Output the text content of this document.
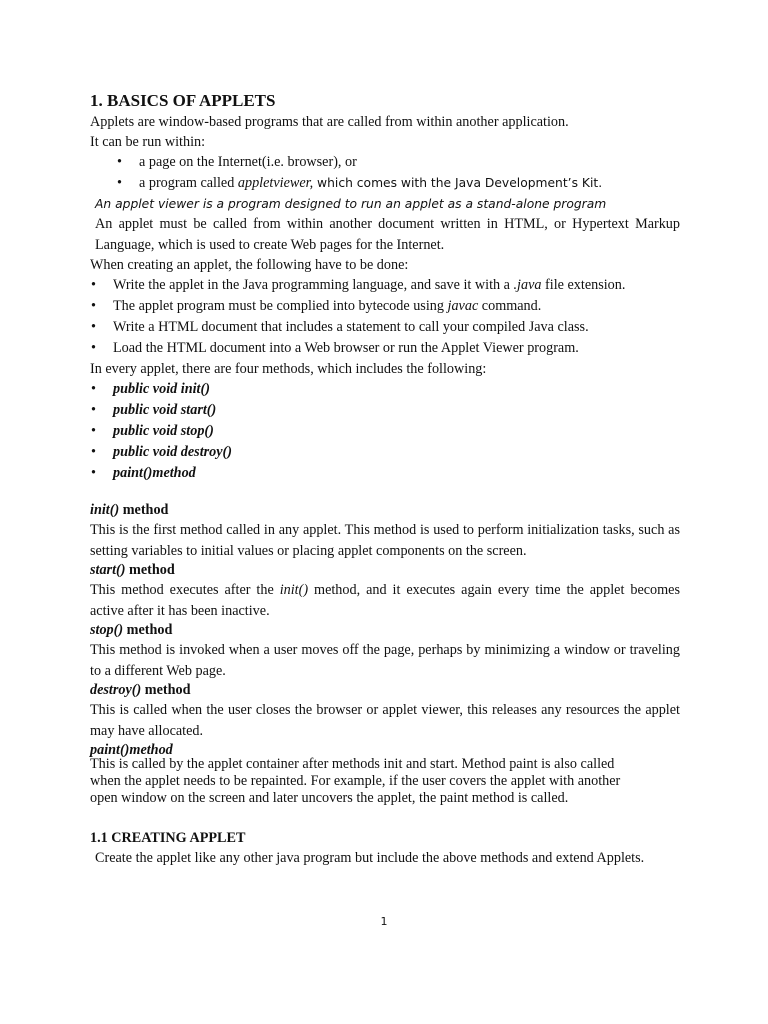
1. BASICS OF APPLETS

Applets are window-based programs that are called from within another application.

It can be run within:

• a page on the Internet(i.e. browser), or
• a program called appletviewer, which comes with the Java Development’s Kit.

An applet viewer is a program designed to run an applet as a stand-alone program

An applet must be called from within another document written in HTML, or Hypertext Markup Language, which is used to create Web pages for the Internet.

When creating an applet, the following have to be done:

• Write the applet in the Java programming language, and save it with a .java file extension.
• The applet program must be complied into bytecode using javac command.
• Write a HTML document that includes a statement to call your compiled Java class.
• Load the HTML document into a Web browser or run the Applet Viewer program.

In every applet, there are four methods, which includes the following:

• public void init()
• public void start()
• public void stop()
• public void destroy()
• paint()method

init() method

This is the first method called in any applet. This method is used to perform initialization tasks, such as setting variables to initial values or placing applet components on the screen.

start() method

This method executes after the init() method, and it executes again every time the applet becomes active after it has been inactive.

stop() method

This method is invoked when a user moves off the page, perhaps by minimizing a window or traveling to a different Web page.

destroy() method

This is called when the user closes the browser or applet viewer, this releases any resources the applet may have allocated.

paint()method

This is called by the applet container after methods init and start. Method paint is also called

when the applet needs to be repainted. For example, if the user covers the applet with another

open window on the screen and later uncovers the applet, the paint method is called.

1.1 CREATING APPLET

Create the applet like any other java program but include the above methods and extend Applets.

1
